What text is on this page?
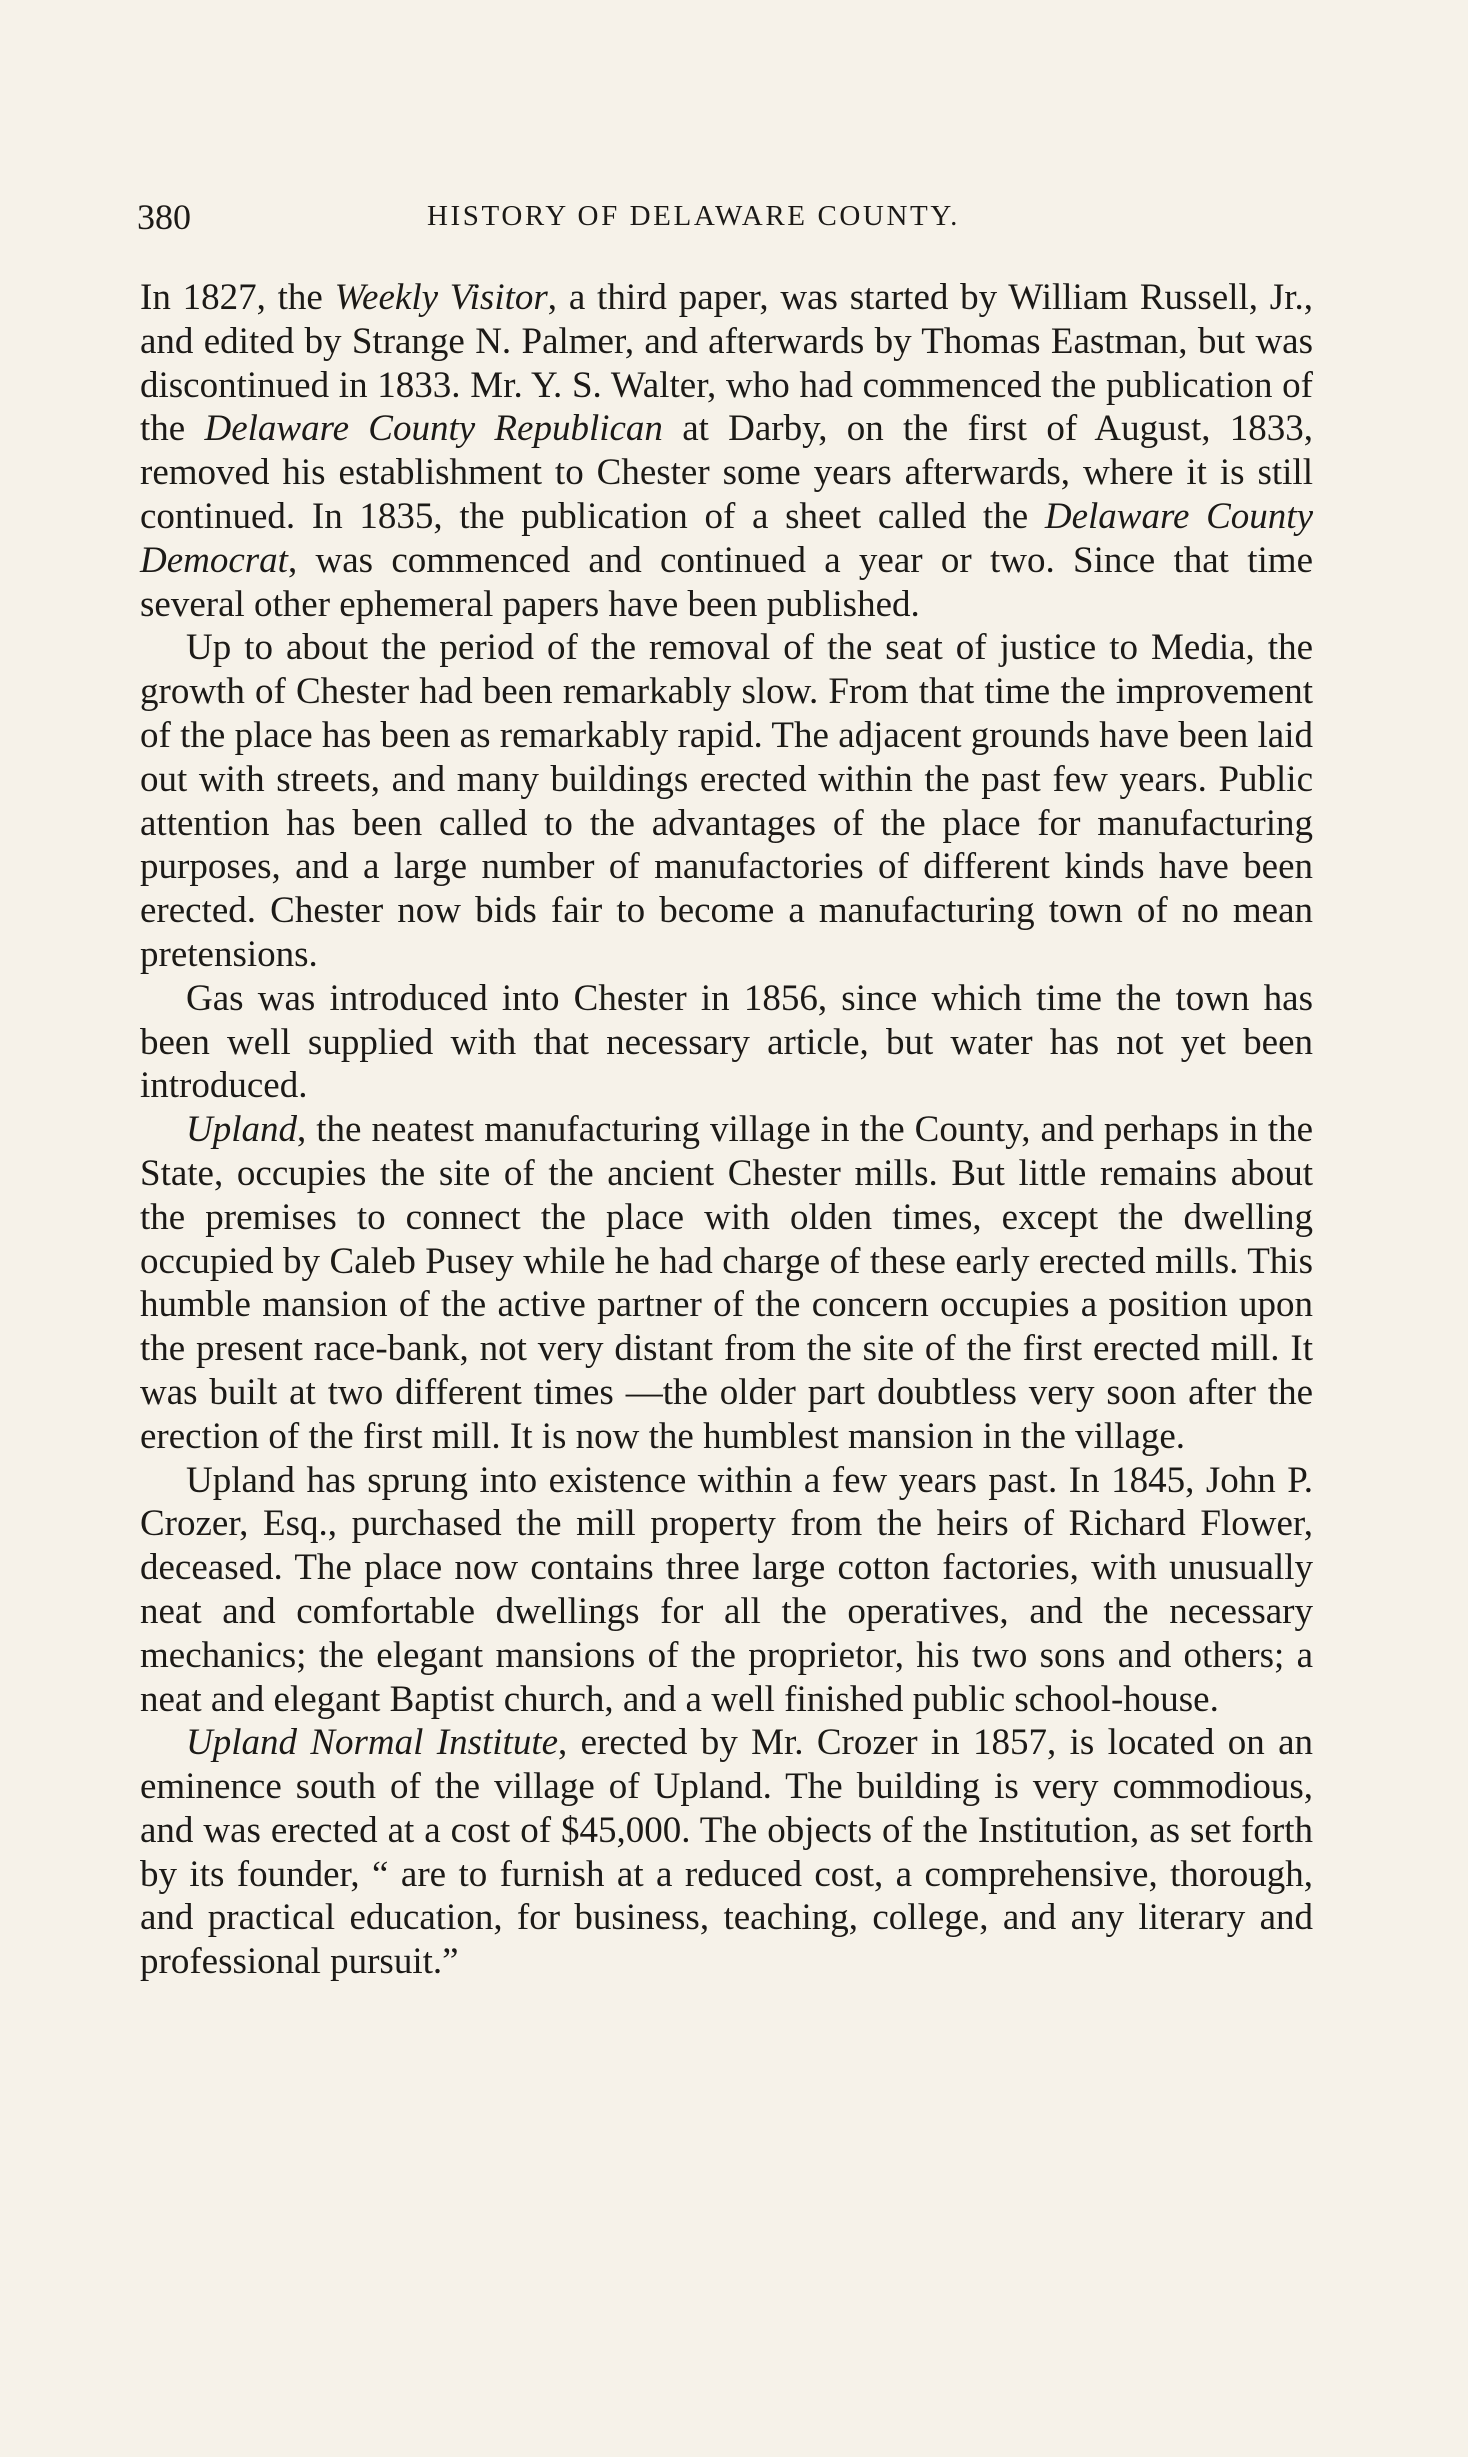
380	HISTORY OF DELAWARE COUNTY.

In 1827, the Weekly Visitor, a third paper, was started by William Russell, Jr., and edited by Strange N. Palmer, and afterwards by Thomas Eastman, but was discontinued in 1833. Mr. Y. S. Walter, who had commenced the publication of the Delaware County Republican at Darby, on the first of August, 1833, removed his establishment to Chester some years afterwards, where it is still continued. In 1835, the publication of a sheet called the Delaware County Democrat, was commenced and continued a year or two. Since that time several other ephemeral papers have been published.

Up to about the period of the removal of the seat of justice to Media, the growth of Chester had been remarkably slow. From that time the improvement of the place has been as remarkably rapid. The adjacent grounds have been laid out with streets, and many buildings erected within the past few years. Public attention has been called to the advantages of the place for manufacturing purposes, and a large number of manufactories of different kinds have been erected. Chester now bids fair to become a manufacturing town of no mean pretensions.

Gas was introduced into Chester in 1856, since which time the town has been well supplied with that necessary article, but water has not yet been introduced.

Upland, the neatest manufacturing village in the County, and perhaps in the State, occupies the site of the ancient Chester mills. But little remains about the premises to connect the place with olden times, except the dwelling occupied by Caleb Pusey while he had charge of these early erected mills. This humble mansion of the active partner of the concern occupies a position upon the present race-bank, not very distant from the site of the first erected mill. It was built at two different times —the older part doubtless very soon after the erection of the first mill. It is now the humblest mansion in the village.

Upland has sprung into existence within a few years past. In 1845, John P. Crozer, Esq., purchased the mill property from the heirs of Richard Flower, deceased. The place now contains three large cotton factories, with unusually neat and comfortable dwellings for all the operatives, and the necessary mechanics; the elegant mansions of the proprietor, his two sons and others; a neat and elegant Baptist church, and a well finished public school-house.

Upland Normal Institute, erected by Mr. Crozer in 1857, is located on an eminence south of the village of Upland. The building is very commodious, and was erected at a cost of $45,000. The objects of the Institution, as set forth by its founder, “ are to furnish at a reduced cost, a comprehensive, thorough, and practical education, for business, teaching, college, and any literary and professional pursuit.”
